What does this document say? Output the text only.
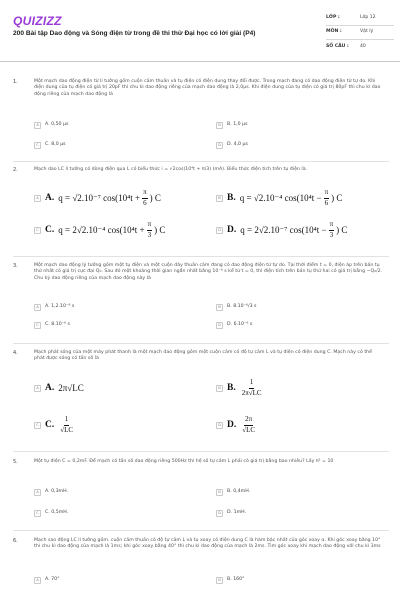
QUIZIZZ
200 Bài tập Dao động và Sóng điện từ trong đề thi thử Đại học có lời giải (P4)
LỚP :	Lớp 12
MÔN :	Vật lý
SỐ CÂU :	40
1.	Một mạch dao động điện từ lí tưởng gồm cuộn cảm thuần và tụ điện có điện dung thay đổi được. Trong mạch đang có dao động điện từ tự do. Khi điện dung của tụ điện có giá trị 20pF thì chu kì dao động riêng của mạch dao động là 2,0μs. Khi điện dung của tụ điện có giá trị 80pF thì chu kì dao động riêng của mạch dao động là
A	A. 0,50 μs	B	B. 1,0 μs
C	C. 8,0 μs	D	D. 4,0 μs
2.	Mạch dao LC lí tưởng có dòng điện qua L có biểu thức i = √2cos(10⁴t + π/3) (mA). Biểu thức điện tích trên tụ điện là.
A A. q = √2.10⁻⁷ $\cos(10^4t + \frac{\pi}{6}$ ) C	B B. q = √2.10⁻⁴ $\cos(10^4t - \frac{\pi}{6}$ ) C
C C. q = 2√2.10⁻⁴ $\cos(10^4t + \frac{\pi}{3}$ ) C	D D. q = 2√2.10⁻⁷ $\cos(10^4t - \frac{\pi}{3}$ ) C
3.	Một mạch dao động lý tưởng gồm một tụ điện và một cuộn dây thuần cảm đang có dao động điện từ tự do. Tại thời điểm t = 0, điện áp trên bản tụ thứ nhất có giá trị cực đại Q₀. Sau đó một khoảng thời gian ngắn nhất bằng 10⁻⁶ s kể từ t = 0, thì điện tích trên bản tụ thứ hai có giá trị bằng −Q₀/2. Chu kỳ dao động riêng của mạch dao động này là
A	A. 1,2.10⁻⁶ s	B	B. 8.10⁻⁶/3 s
C	C. 8.10⁻⁶ s	D	D. 6.10⁻⁶ s
4.	Mạch phát sóng của một máy phát thanh là một mạch dao động gồm một cuộn cảm có độ tự cảm L và tụ điện có điện dung C. Mạch này có thể phát được sóng có tần số là
A A. 2π√LC	B B. $\frac{1}{2\pi√LC}$
C C. $\frac{1}{√LC}$	D D. $\frac{2\pi}{√LC}$
5.	Một tụ điện C = 0,2mF. Để mạch có tần số dao động riêng 500Hz thì hệ số tự cảm L phải có giá trị bằng bao nhiêu? Lấy π² = 10
A	A. 0,3mH.	B	B. 0,4mH.
C	C. 0,5mH.	D	D. 1mH.
6.	Mạch sao động LC lí tưởng gồm. cuộn cảm thuần có độ tự cảm L và tụ xoay có điện dung C là hàm bậc nhất của góc xoay α. Khi góc xoay bằng 10° thì chu kì dao động của mạch là 1ms; khi góc xoay bằng 40° thì chu kì dao động của mạch là 2ms. Tìm góc xoay khi mạch dao động với chu kì 3ms
A	A. 70°	B	B. 160°
